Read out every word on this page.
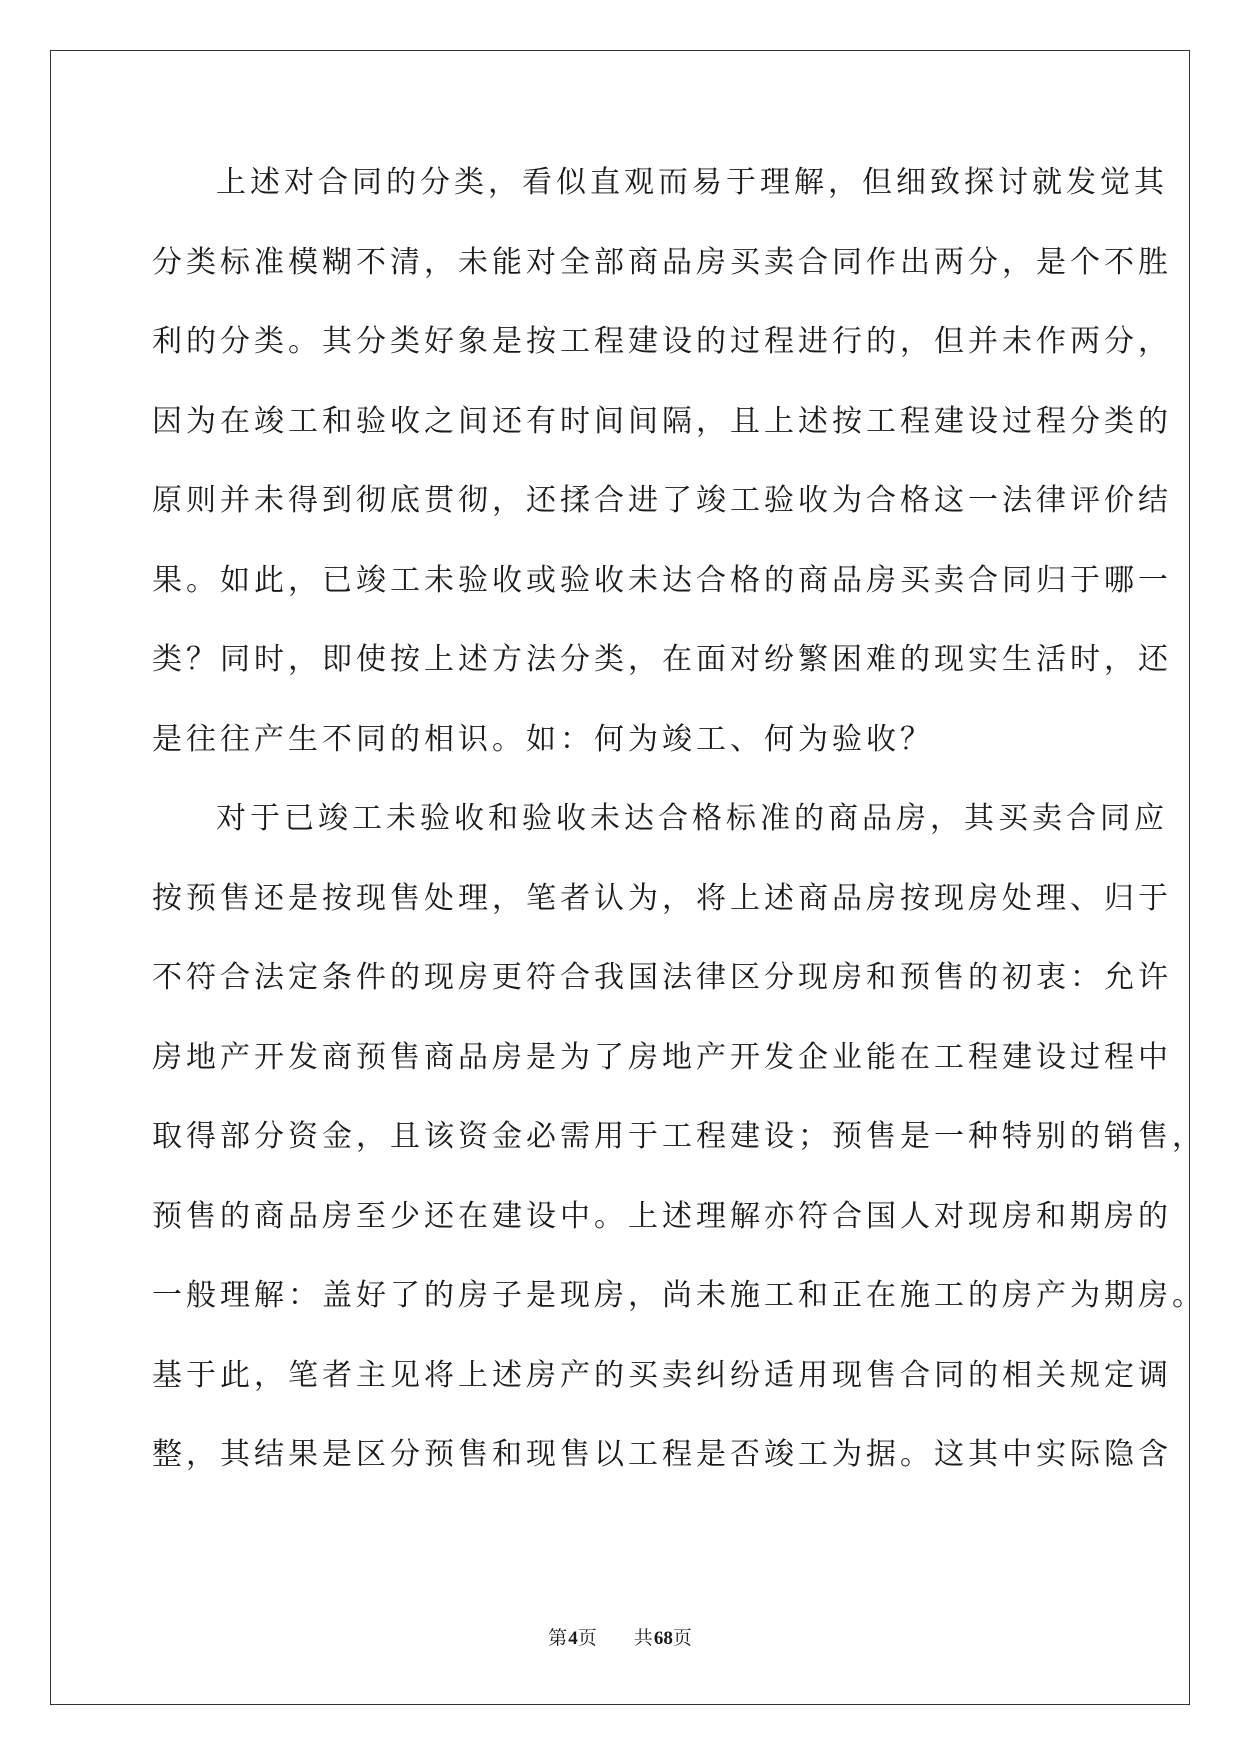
上述对合同的分类，看似直观而易于理解，但细致探讨就发觉其
分类标准模糊不清，未能对全部商品房买卖合同作出两分，是个不胜
利的分类。其分类好象是按工程建设的过程进行的，但并未作两分，
因为在竣工和验收之间还有时间间隔，且上述按工程建设过程分类的
原则并未得到彻底贯彻，还揉合进了竣工验收为合格这一法律评价结
果。如此，已竣工未验收或验收未达合格的商品房买卖合同归于哪一
类？同时，即使按上述方法分类，在面对纷繁困难的现实生活时，还
是往往产生不同的相识。如：何为竣工、何为验收？
对于已竣工未验收和验收未达合格标准的商品房，其买卖合同应
按预售还是按现售处理，笔者认为，将上述商品房按现房处理、归于
不符合法定条件的现房更符合我国法律区分现房和预售的初衷：允许
房地产开发商预售商品房是为了房地产开发企业能在工程建设过程中
取得部分资金，且该资金必需用于工程建设；预售是一种特别的销售，
预售的商品房至少还在建设中。上述理解亦符合国人对现房和期房的
一般理解：盖好了的房子是现房，尚未施工和正在施工的房产为期房。
基于此，笔者主见将上述房产的买卖纠纷适用现售合同的相关规定调
整，其结果是区分预售和现售以工程是否竣工为据。这其中实际隐含
第4页 共68页
